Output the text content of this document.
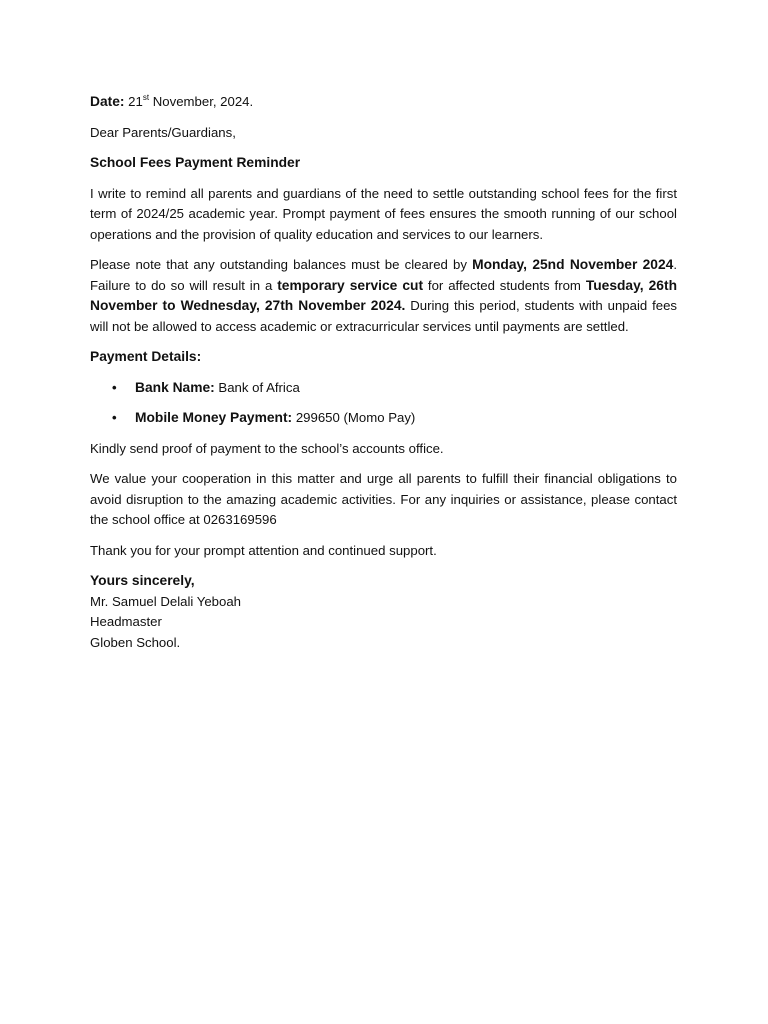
Date: 21st November, 2024.

Dear Parents/Guardians,

School Fees Payment Reminder

I write to remind all parents and guardians of the need to settle outstanding school fees for the first term of 2024/25 academic year. Prompt payment of fees ensures the smooth running of our school operations and the provision of quality education and services to our learners.

Please note that any outstanding balances must be cleared by Monday, 25nd November 2024. Failure to do so will result in a temporary service cut for affected students from Tuesday, 26th November to Wednesday, 27th November 2024. During this period, students with unpaid fees will not be allowed to access academic or extracurricular services until payments are settled.

Payment Details:

• Bank Name: Bank of Africa
• Mobile Money Payment: 299650 (Momo Pay)

Kindly send proof of payment to the school’s accounts office.

We value your cooperation in this matter and urge all parents to fulfill their financial obligations to avoid disruption to the amazing academic activities. For any inquiries or assistance, please contact the school office at 0263169596

Thank you for your prompt attention and continued support.

Yours sincerely,
Mr. Samuel Delali Yeboah
Headmaster
Globen School.
